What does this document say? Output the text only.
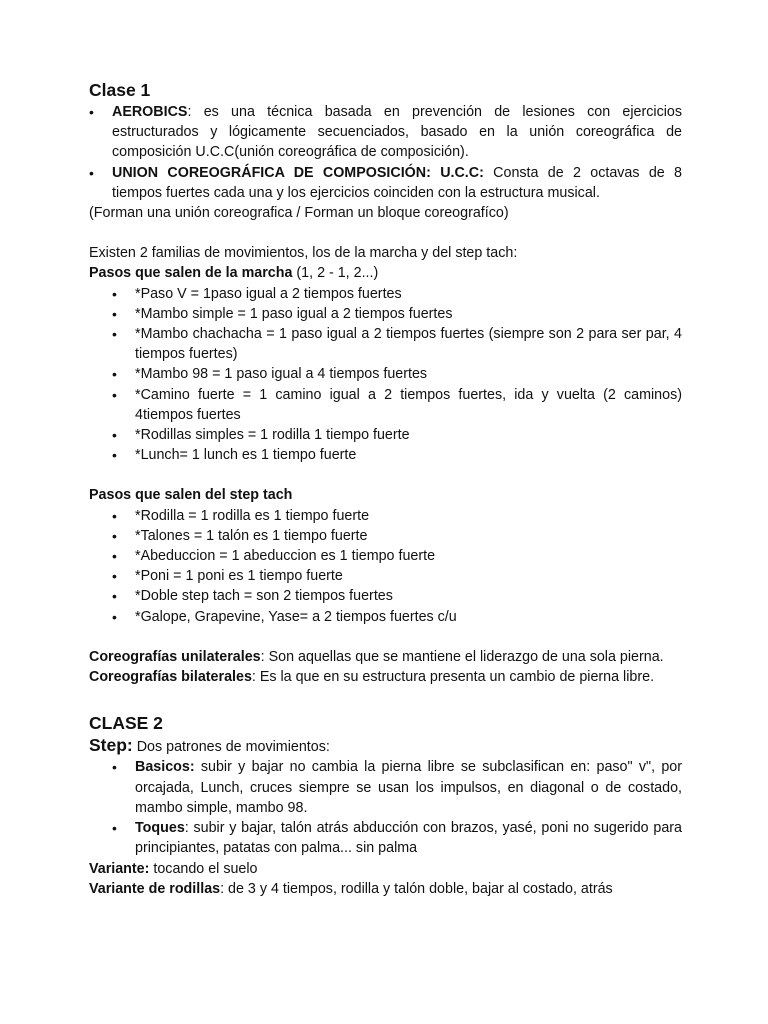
Clase 1
• AEROBICS: es una técnica basada en prevención de lesiones con ejercicios estructurados y lógicamente secuenciados, basado en la unión coreográfica de composición U.C.C(unión coreográfica de composición).
• UNION COREOGRÁFICA DE COMPOSICIÓN: U.C.C: Consta de 2 octavas de 8 tiempos fuertes cada una y los ejercicios coinciden con la estructura musical.

(Forman una unión coreografica / Forman un bloque coreografíco)

Existen 2 familias de movimientos, los de la marcha y del step tach:

Pasos que salen de la marcha (1, 2 - 1, 2...)

• *Paso V = 1paso igual a 2 tiempos fuertes
• *Mambo simple = 1 paso igual a 2 tiempos fuertes
• *Mambo chachacha = 1 paso igual a 2 tiempos fuertes (siempre son 2 para ser par, 4 tiempos fuertes)
• *Mambo 98 = 1 paso igual a 4 tiempos fuertes
• *Camino fuerte = 1 camino igual a 2 tiempos fuertes, ida y vuelta (2 caminos) 4tiempos fuertes
• *Rodillas simples = 1 rodilla 1 tiempo fuerte
• *Lunch= 1 lunch es 1 tiempo fuerte

Pasos que salen del step tach

• *Rodilla = 1 rodilla es 1 tiempo fuerte
• *Talones = 1 talón es 1 tiempo fuerte
• *Abeduccion = 1 abeduccion es 1 tiempo fuerte
• *Poni = 1 poni es 1 tiempo fuerte
• *Doble step tach = son 2 tiempos fuertes
• *Galope, Grapevine, Yase= a 2 tiempos fuertes c/u

Coreografías unilaterales: Son aquellas que se mantiene el liderazgo de una sola pierna.

Coreografías bilaterales: Es la que en su estructura presenta un cambio de pierna libre.

CLASE 2

Step: Dos patrones de movimientos:

• Basicos: subir y bajar no cambia la pierna libre se subclasifican en: paso" v", por orcajada, Lunch, cruces siempre se usan los impulsos, en diagonal o de costado, mambo simple, mambo 98.
• Toques: subir y bajar, talón atrás abducción con brazos, yasé, poni no sugerido para principiantes, patatas con palma... sin palma

Variante: tocando el suelo

Variante de rodillas: de 3 y 4 tiempos, rodilla y talón doble, bajar al costado, atrás
